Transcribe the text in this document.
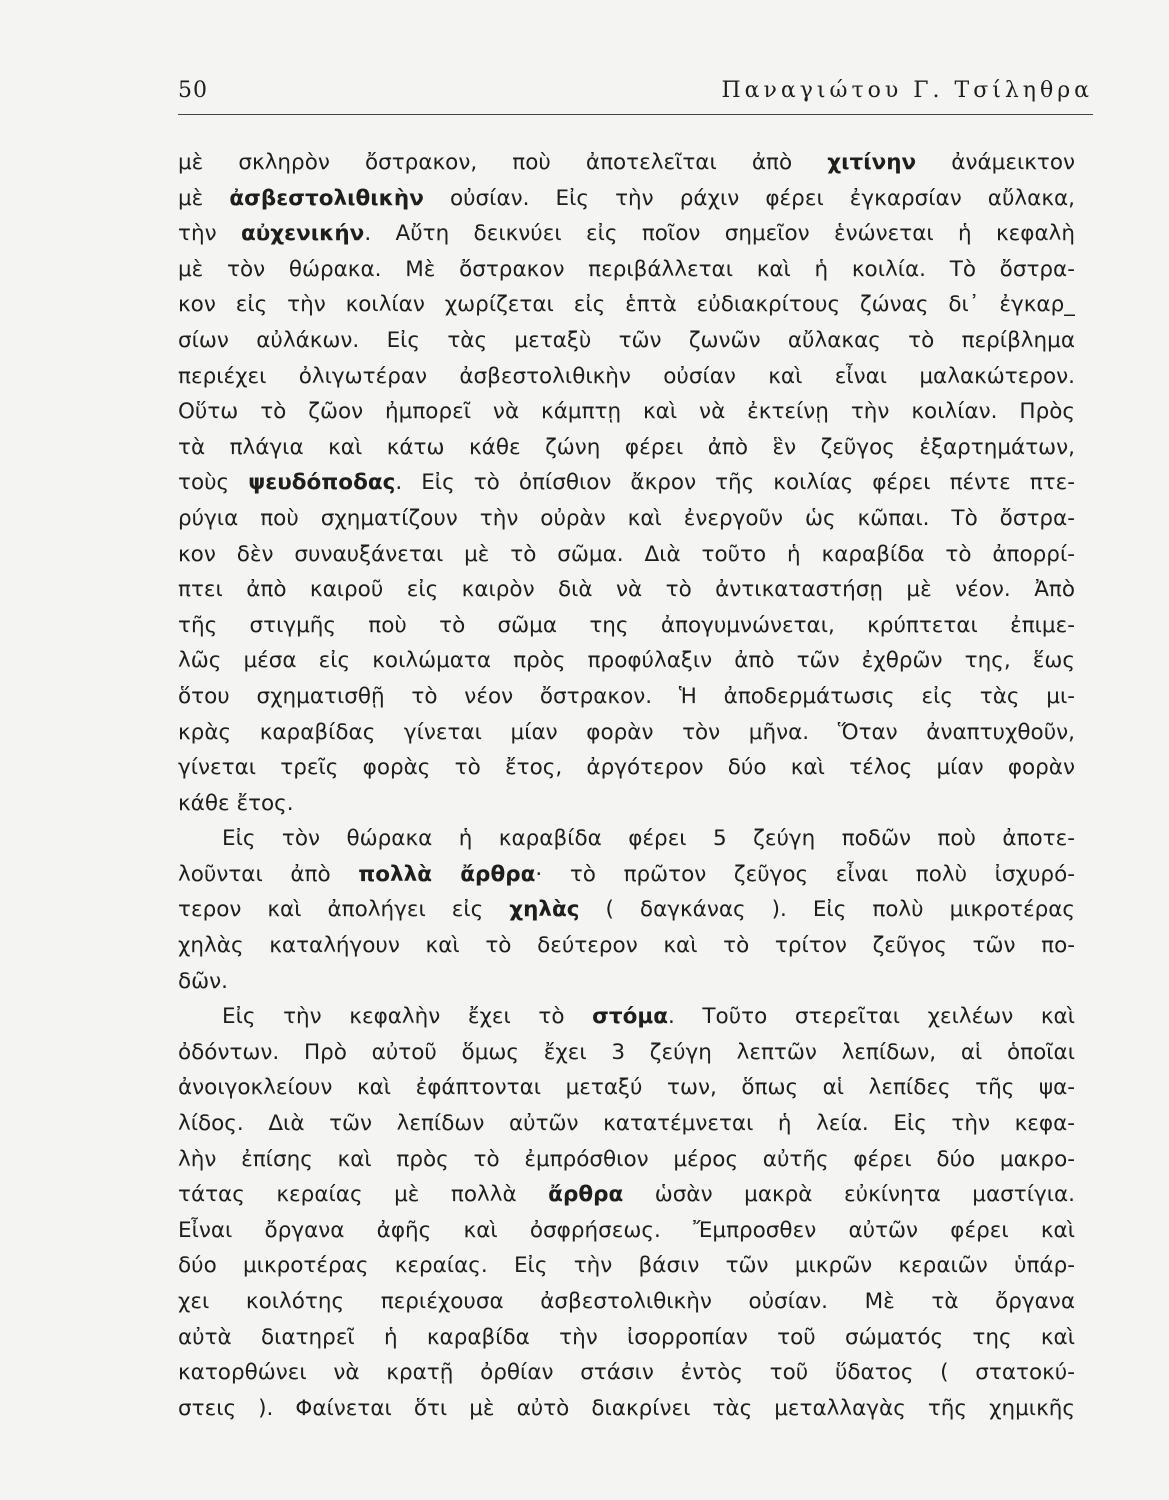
50	Παναγιώτου Γ. Τσίληθρα
μὲ σκληρὸν ὄστρακον, ποὺ ἀποτελεῖται ἀπὸ χιτίνην ἀνάμεικτον
μὲ ἀσβεστολιθικὴν οὐσίαν. Εἰς τὴν ράχιν φέρει ἐγκαρσίαν αὔλακα,
τὴν αὐχενικήν. Αὔτη δεικνύει εἰς ποῖον σημεῖον ἑνώνεται ἡ κεφαλὴ
μὲ τὸν θώρακα. Μὲ ὄστρακον περιβάλλεται καὶ ἡ κοιλία. Τὸ ὄστρα-
κον εἰς τὴν κοιλίαν χωρίζεται εἰς ἑπτὰ εὐδιακρίτους ζώνας δι᾽ ἐγκαρ_
σίων αὐλάκων. Εἰς τὰς μεταξὺ τῶν ζωνῶν αὔλακας τὸ περίβλημα
περιέχει ὀλιγωτέραν ἀσβεστολιθικὴν οὐσίαν καὶ εἶναι μαλακώτερον.
Οὕτω τὸ ζῶον ἠμπορεῖ νὰ κάμπτῃ καὶ νὰ ἐκτείνῃ τὴν κοιλίαν. Πρὸς
τὰ πλάγια καὶ κάτω κάθε ζώνη φέρει ἀπὸ ἓν ζεῦγος ἐξαρτημάτων,
τοὺς ψευδόποδας. Εἰς τὸ ὀπίσθιον ἄκρον τῆς κοιλίας φέρει πέντε πτε-
ρύγια ποὺ σχηματίζουν τὴν οὐρὰν καὶ ἐνεργοῦν ὡς κῶπαι. Τὸ ὄστρα-
κον δὲν συναυξάνεται μὲ τὸ σῶμα. Διὰ τοῦτο ἡ καραβίδα τὸ ἀπορρί-
πτει ἀπὸ καιροῦ εἰς καιρὸν διὰ νὰ τὸ ἀντικαταστήσῃ μὲ νέον. Ἀπὸ
τῆς στιγμῆς ποὺ τὸ σῶμα της ἀπογυμνώνεται, κρύπτεται ἐπιμε-
λῶς μέσα εἰς κοιλώματα πρὸς προφύλαξιν ἀπὸ τῶν ἐχθρῶν της, ἕως
ὅτου σχηματισθῇ τὸ νέον ὄστρακον. Ἡ ἀποδερμάτωσις εἰς τὰς μι-
κρὰς καραβίδας γίνεται μίαν φορὰν τὸν μῆνα. Ὅταν ἀναπτυχθοῦν,
γίνεται τρεῖς φορὰς τὸ ἔτος, ἀργότερον δύο καὶ τέλος μίαν φορὰν
κάθε ἔτος.
Εἰς τὸν θώρακα ἡ καραβίδα φέρει 5 ζεύγη ποδῶν ποὺ ἀποτε-
λοῦνται ἀπὸ πολλὰ ἄρθρα· τὸ πρῶτον ζεῦγος εἶναι πολὺ ἰσχυρό-
τερον καὶ ἀπολήγει εἰς χηλὰς ( δαγκάνας ). Εἰς πολὺ μικροτέρας
χηλὰς καταλήγουν καὶ τὸ δεύτερον καὶ τὸ τρίτον ζεῦγος τῶν πο-
δῶν.
Εἰς τὴν κεφαλὴν ἔχει τὸ στόμα. Τοῦτο στερεῖται χειλέων καὶ
ὀδόντων. Πρὸ αὐτοῦ ὅμως ἔχει 3 ζεύγη λεπτῶν λεπίδων, αἱ ὁποῖαι
ἀνοιγοκλείουν καὶ ἐφάπτονται μεταξύ των, ὅπως αἱ λεπίδες τῆς ψα-
λίδος. Διὰ τῶν λεπίδων αὐτῶν κατατέμνεται ἡ λεία. Εἰς τὴν κεφα-
λὴν ἐπίσης καὶ πρὸς τὸ ἐμπρόσθιον μέρος αὐτῆς φέρει δύο μακρο-
τάτας κεραίας μὲ πολλὰ ἄρθρα ὡσὰν μακρὰ εὐκίνητα μαστίγια.
Εἶναι ὄργανα ἀφῆς καὶ ὀσφρήσεως. Ἔμπροσθεν αὐτῶν φέρει καὶ
δύο μικροτέρας κεραίας. Εἰς τὴν βάσιν τῶν μικρῶν κεραιῶν ὑπάρ-
χει κοιλότης περιέχουσα ἀσβεστολιθικὴν οὐσίαν. Μὲ τὰ ὄργανα
αὐτὰ διατηρεῖ ἡ καραβίδα τὴν ἰσορροπίαν τοῦ σώματός της καὶ
κατορθώνει νὰ κρατῇ ὀρθίαν στάσιν ἐντὸς τοῦ ὕδατος ( στατοκύ-
στεις ). Φαίνεται ὅτι μὲ αὐτὸ διακρίνει τὰς μεταλλαγὰς τῆς χημικῆς
